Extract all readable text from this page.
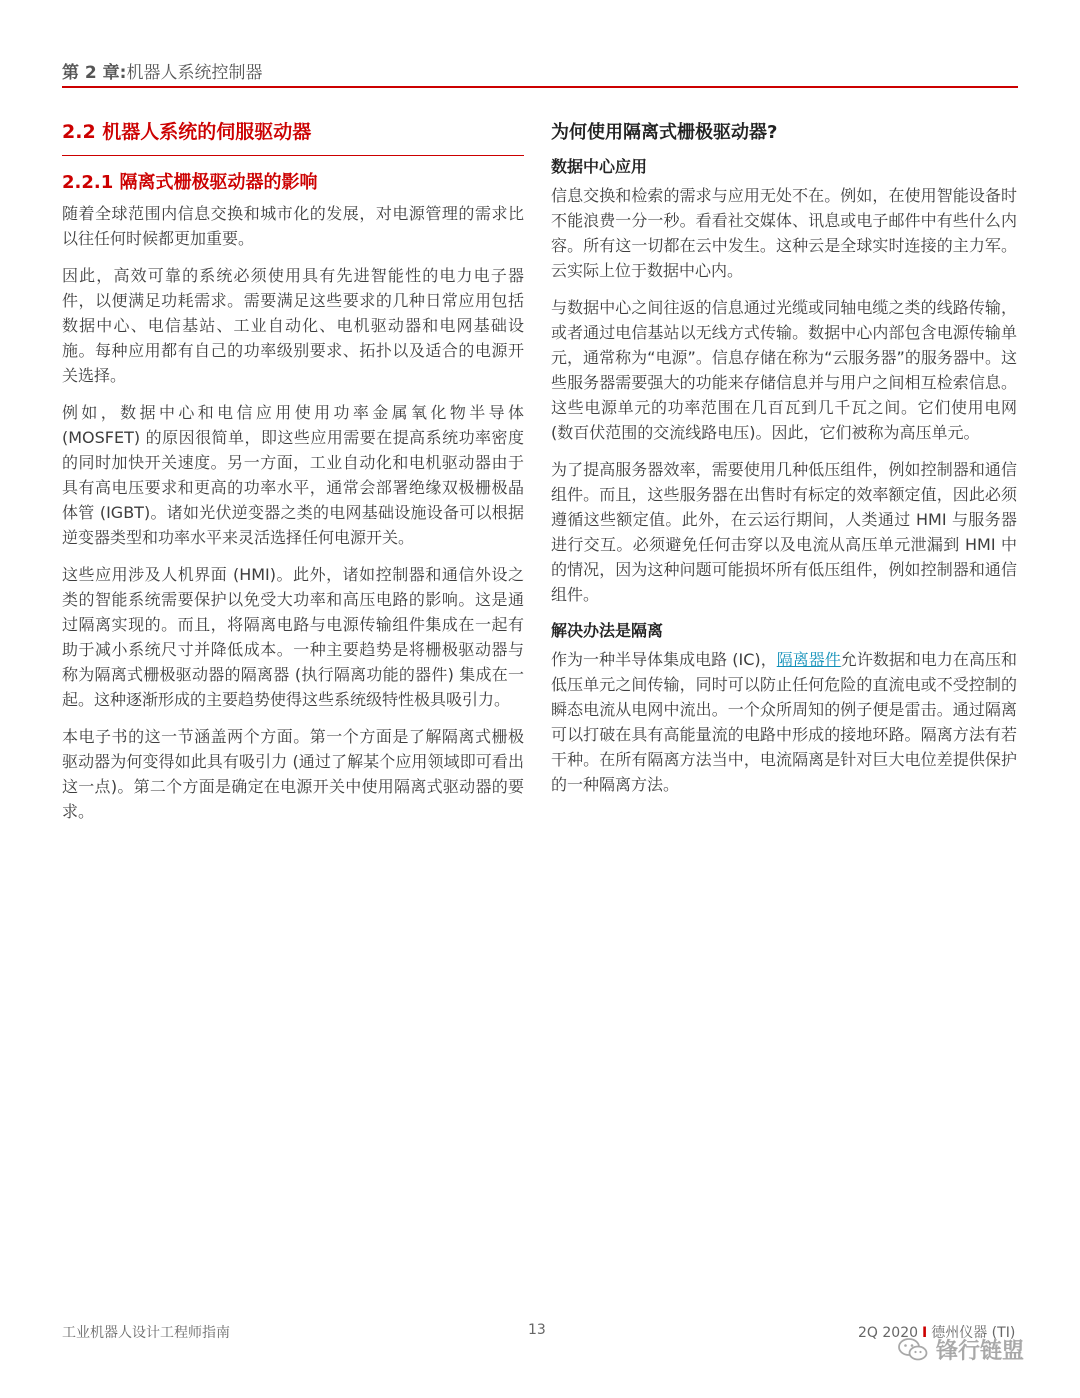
第 2 章:机器人系统控制器
2.2 机器人系统的伺服驱动器
2.2.1 隔离式栅极驱动器的影响

随着全球范围内信息交换和城市化的发展，对电源管理的需求比以往任何时候都更加重要。

因此，高效可靠的系统必须使用具有先进智能性的电力电子器件，以便满足功耗需求。需要满足这些要求的几种日常应用包括数据中心、电信基站、工业自动化、电机驱动器和电网基础设施。每种应用都有自己的功率级别要求、拓扑以及适合的电源开关选择。

例如，数据中心和电信应用使用功率金属氧化物半导体 (MOSFET) 的原因很简单，即这些应用需要在提高系统功率密度的同时加快开关速度。另一方面，工业自动化和电机驱动器由于具有高电压要求和更高的功率水平，通常会部署绝缘双极栅极晶体管 (IGBT)。诸如光伏逆变器之类的电网基础设施设备可以根据逆变器类型和功率水平来灵活选择任何电源开关。

这些应用涉及人机界面 (HMI)。此外，诸如控制器和通信外设之类的智能系统需要保护以免受大功率和高压电路的影响。这是通过隔离实现的。而且，将隔离电路与电源传输组件集成在一起有助于减小系统尺寸并降低成本。一种主要趋势是将栅极驱动器与称为隔离式栅极驱动器的隔离器 (执行隔离功能的器件) 集成在一起。这种逐渐形成的主要趋势使得这些系统级特性极具吸引力。

本电子书的这一节涵盖两个方面。第一个方面是了解隔离式栅极驱动器为何变得如此具有吸引力 (通过了解某个应用领域即可看出这一点)。第二个方面是确定在电源开关中使用隔离式驱动器的要求。

为何使用隔离式栅极驱动器?
数据中心应用

信息交换和检索的需求与应用无处不在。例如，在使用智能设备时不能浪费一分一秒。看看社交媒体、讯息或电子邮件中有些什么内容。所有这一切都在云中发生。这种云是全球实时连接的主力军。云实际上位于数据中心内。

与数据中心之间往返的信息通过光缆或同轴电缆之类的线路传输，或者通过电信基站以无线方式传输。数据中心内部包含电源传输单元，通常称为“电源”。信息存储在称为“云服务器”的服务器中。这些服务器需要强大的功能来存储信息并与用户之间相互检索信息。这些电源单元的功率范围在几百瓦到几千瓦之间。它们使用电网 (数百伏范围的交流线路电压)。因此，它们被称为高压单元。

为了提高服务器效率，需要使用几种低压组件，例如控制器和通信组件。而且，这些服务器在出售时有标定的效率额定值，因此必须遵循这些额定值。此外，在云运行期间，人类通过 HMI 与服务器进行交互。必须避免任何击穿以及电流从高压单元泄漏到 HMI 中的情况，因为这种问题可能损坏所有低压组件，例如控制器和通信组件。

解决办法是隔离

作为一种半导体集成电路 (IC)，隔离器件允许数据和电力在高压和低压单元之间传输，同时可以防止任何危险的直流电或不受控制的瞬态电流从电网中流出。一个众所周知的例子便是雷击。通过隔离可以打破在具有高能量流的电路中形成的接地环路。隔离方法有若干种。在所有隔离方法当中，电流隔离是针对巨大电位差提供保护的一种隔离方法。

工业机器人设计工程师指南	13	2Q 2020 I 德州仪器 (TI)
锋行链盟
